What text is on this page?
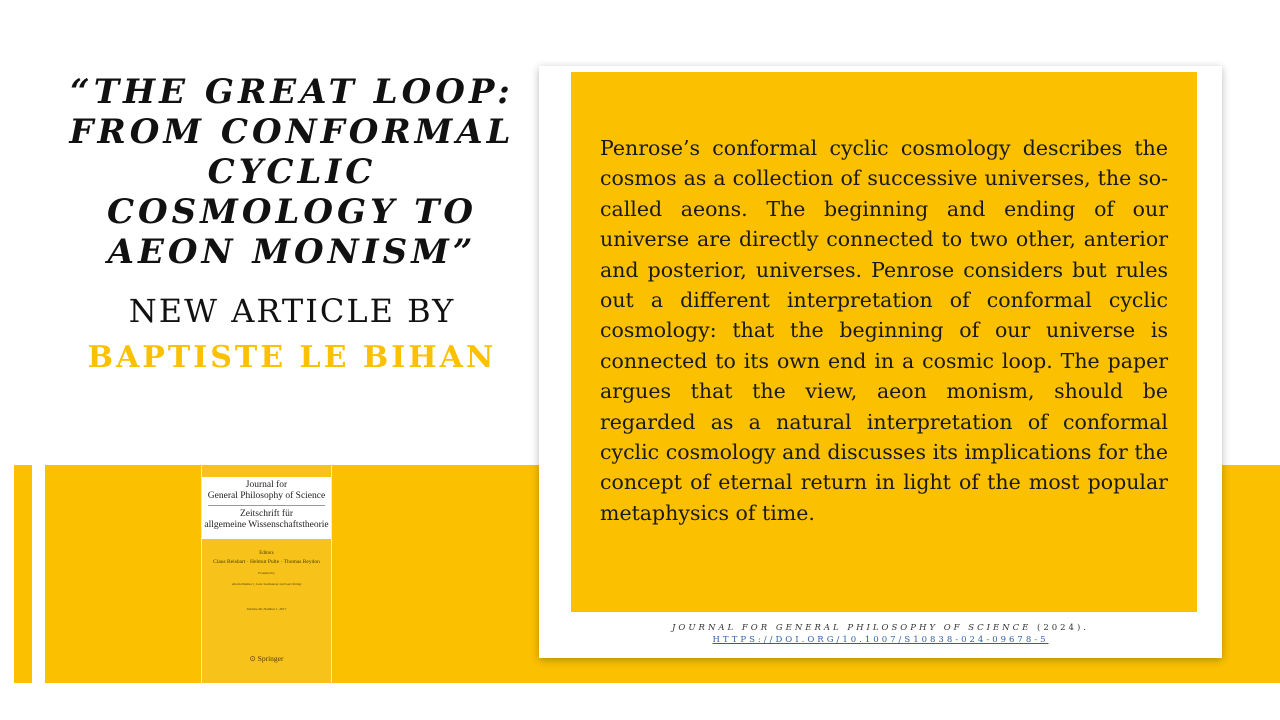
“THE GREAT LOOP: FROM CONFORMAL CYCLIC COSMOLOGY TO AEON MONISM”

NEW ARTICLE BY

BAPTISTE LE BIHAN

Journal for
General Philosophy of Science
Zeitschrift für
allgemeine Wissenschaftstheorie
Editors
Claus Beisbart · Helmut Pulte · Thomas Reydon
Founded by
Alwin Diemer †, Lutz Geldsetzer and Gert König
Volume 48, Number 1, 2017
⊙ Springer

Penrose’s conformal cyclic cosmology describes the cosmos as a collection of successive universes, the so-called aeons. The beginning and ending of our universe are directly connected to two other, anterior and posterior, universes. Penrose considers but rules out a different interpretation of conformal cyclic cosmology: that the beginning of our universe is connected to its own end in a cosmic loop. The paper argues that the view, aeon monism, should be regarded as a natural interpretation of conformal cyclic cosmology and discusses its implications for the concept of eternal return in light of the most popular metaphysics of time.

JOURNAL FOR GENERAL PHILOSOPHY OF SCIENCE (2024).
HTTPS://DOI.ORG/10.1007/S10838-024-09678-5
